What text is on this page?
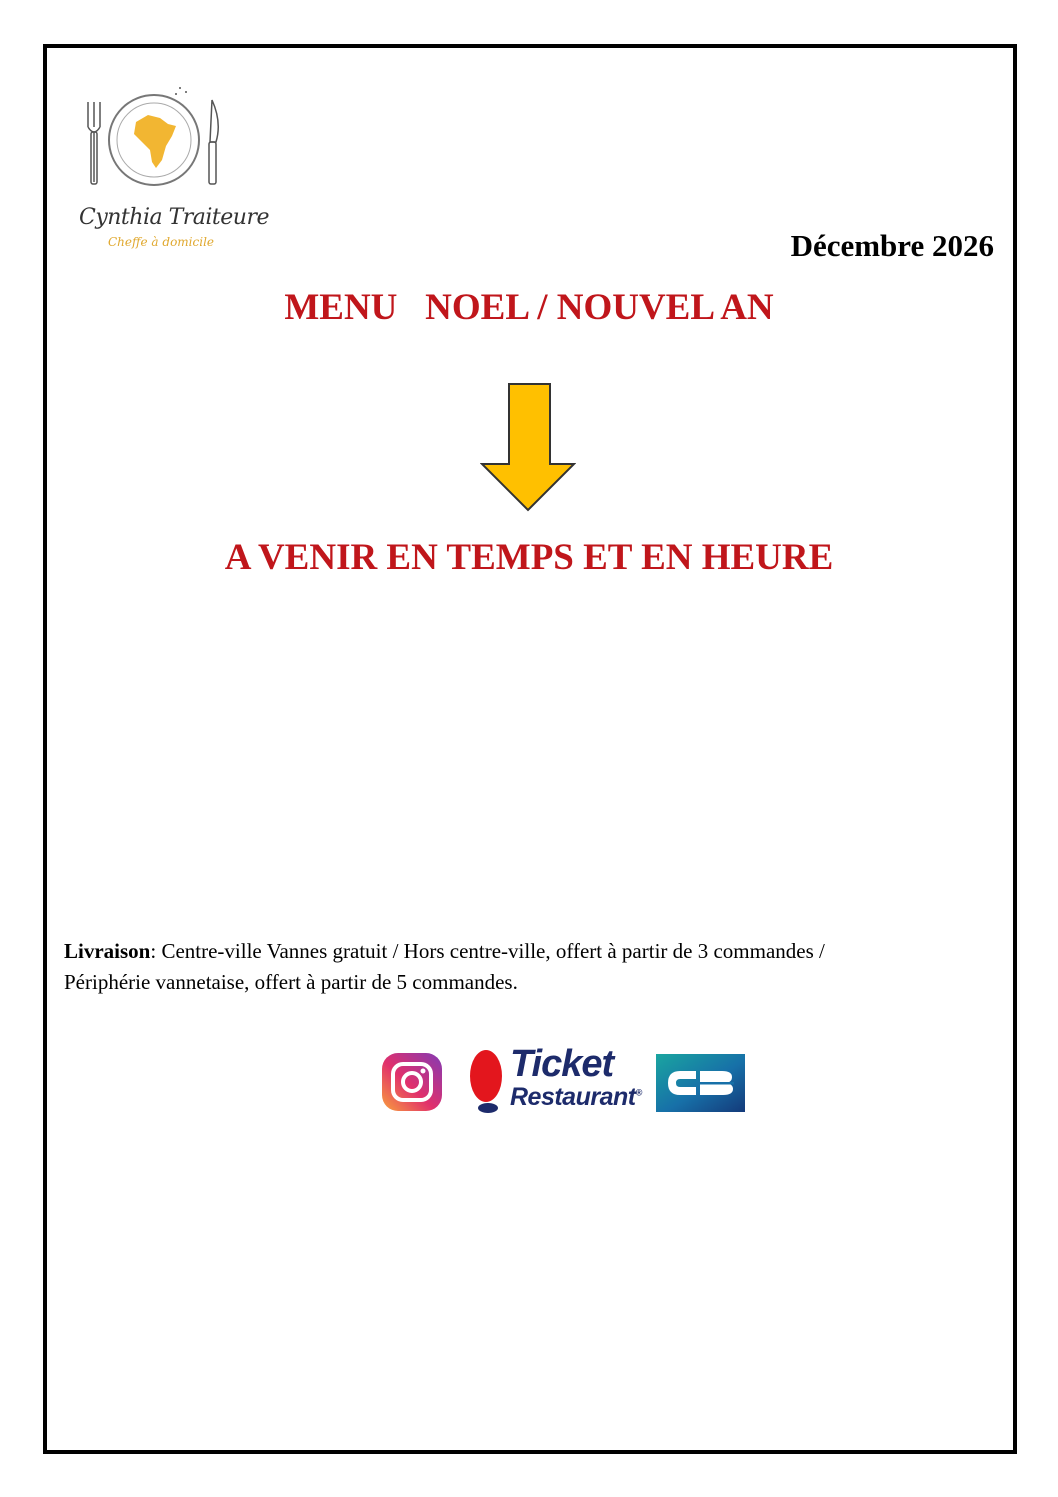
Cynthia Traiteure
Cheffe à domicile	Décembre 2026
MENU   NOEL / NOUVEL AN
A VENIR EN TEMPS ET EN HEURE
Livraison: Centre-ville Vannes gratuit / Hors centre-ville, offert à partir de 3 commandes /
Périphérie vannetaise, offert à partir de 5 commandes.
Ticket
Restaurant®
